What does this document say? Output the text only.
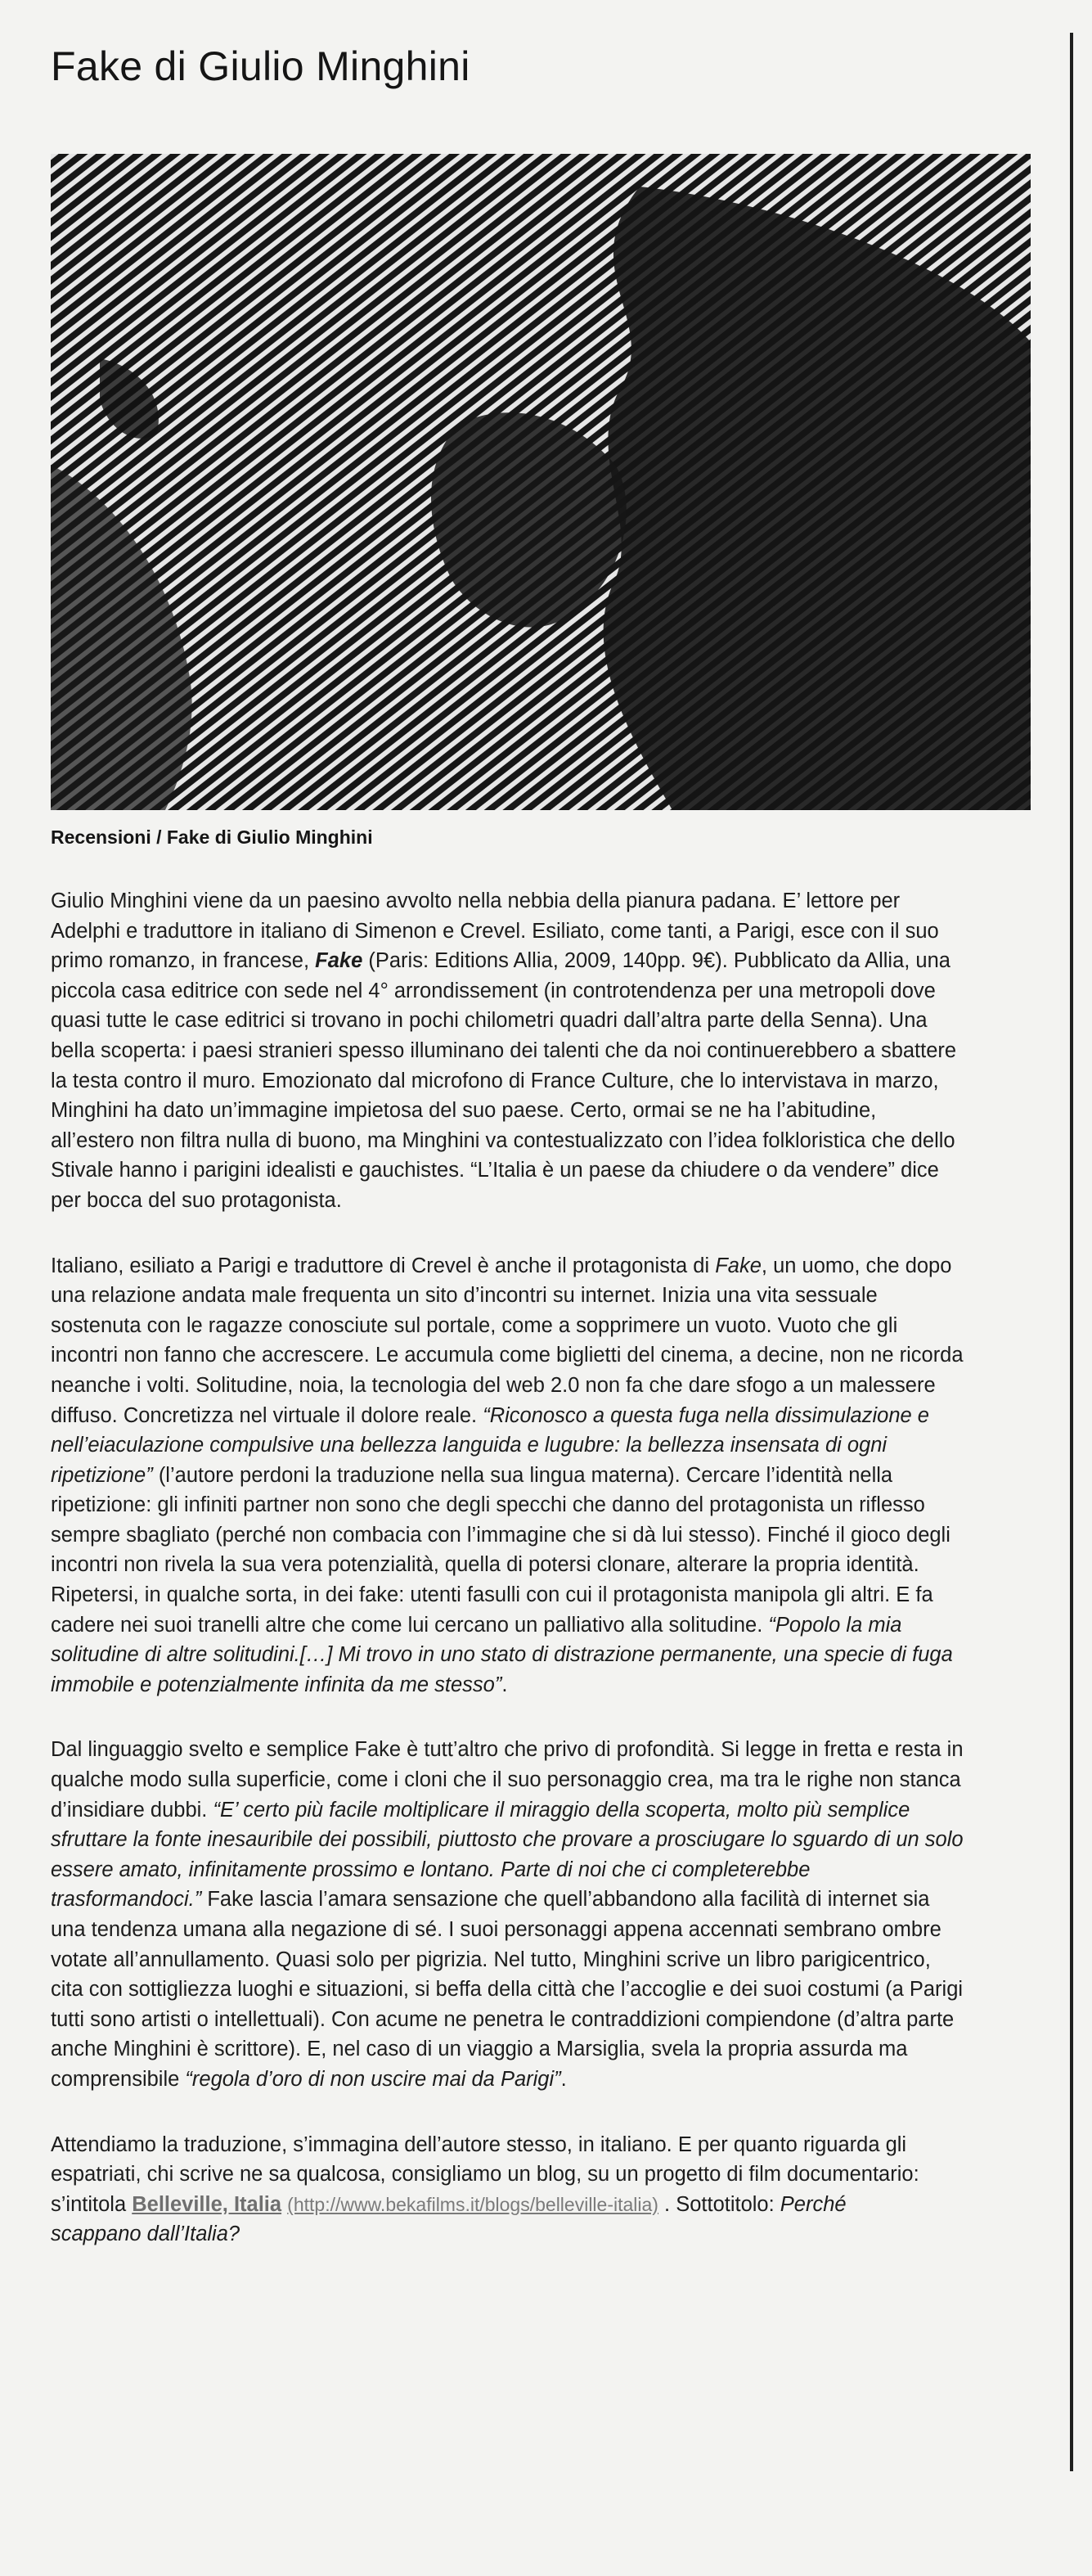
Fake di Giulio Minghini
Recensioni / Fake di Giulio Minghini

Giulio Minghini viene da un paesino avvolto nella nebbia della pianura padana. E’ lettore per
Adelphi e traduttore in italiano di Simenon e Crevel. Esiliato, come tanti, a Parigi, esce con il suo
primo romanzo, in francese, Fake (Paris: Editions Allia, 2009, 140pp. 9€). Pubblicato da Allia, una
piccola casa editrice con sede nel 4° arrondissement (in controtendenza per una metropoli dove
quasi tutte le case editrici si trovano in pochi chilometri quadri dall’altra parte della Senna). Una
bella scoperta: i paesi stranieri spesso illuminano dei talenti che da noi continuerebbero a sbattere
la testa contro il muro. Emozionato dal microfono di France Culture, che lo intervistava in marzo,
Minghini ha dato un’immagine impietosa del suo paese. Certo, ormai se ne ha l’abitudine,
all’estero non filtra nulla di buono, ma Minghini va contestualizzato con l’idea folkloristica che dello
Stivale hanno i parigini idealisti e gauchistes. “L’Italia è un paese da chiudere o da vendere” dice
per bocca del suo protagonista.

Italiano, esiliato a Parigi e traduttore di Crevel è anche il protagonista di Fake, un uomo, che dopo
una relazione andata male frequenta un sito d’incontri su internet. Inizia una vita sessuale
sostenuta con le ragazze conosciute sul portale, come a sopprimere un vuoto. Vuoto che gli
incontri non fanno che accrescere. Le accumula come biglietti del cinema, a decine, non ne ricorda
neanche i volti. Solitudine, noia, la tecnologia del web 2.0 non fa che dare sfogo a un malessere
diffuso. Concretizza nel virtuale il dolore reale. “Riconosco a questa fuga nella dissimulazione e
nell’eiaculazione compulsive una bellezza languida e lugubre: la bellezza insensata di ogni
ripetizione” (l’autore perdoni la traduzione nella sua lingua materna). Cercare l’identità nella
ripetizione: gli infiniti partner non sono che degli specchi che danno del protagonista un riflesso
sempre sbagliato (perché non combacia con l’immagine che si dà lui stesso). Finché il gioco degli
incontri non rivela la sua vera potenzialità, quella di potersi clonare, alterare la propria identità.
Ripetersi, in qualche sorta, in dei fake: utenti fasulli con cui il protagonista manipola gli altri. E fa
cadere nei suoi tranelli altre che come lui cercano un palliativo alla solitudine. “Popolo la mia
solitudine di altre solitudini.[…] Mi trovo in uno stato di distrazione permanente, una specie di fuga
immobile e potenzialmente infinita da me stesso”.

Dal linguaggio svelto e semplice Fake è tutt’altro che privo di profondità. Si legge in fretta e resta in
qualche modo sulla superficie, come i cloni che il suo personaggio crea, ma tra le righe non stanca
d’insidiare dubbi. “E’ certo più facile moltiplicare il miraggio della scoperta, molto più semplice
sfruttare la fonte inesauribile dei possibili, piuttosto che provare a prosciugare lo sguardo di un solo
essere amato, infinitamente prossimo e lontano. Parte di noi che ci completerebbe
trasformandoci.” Fake lascia l’amara sensazione che quell’abbandono alla facilità di internet sia
una tendenza umana alla negazione di sé. I suoi personaggi appena accennati sembrano ombre
votate all’annullamento. Quasi solo per pigrizia. Nel tutto, Minghini scrive un libro parigicentrico,
cita con sottigliezza luoghi e situazioni, si beffa della città che l’accoglie e dei suoi costumi (a Parigi
tutti sono artisti o intellettuali). Con acume ne penetra le contraddizioni compiendone (d’altra parte
anche Minghini è scrittore). E, nel caso di un viaggio a Marsiglia, svela la propria assurda ma
comprensibile “regola d’oro di non uscire mai da Parigi”.

Attendiamo la traduzione, s’immagina dell’autore stesso, in italiano. E per quanto riguarda gli
espatriati, chi scrive ne sa qualcosa, consigliamo un blog, su un progetto di film documentario:
s’intitola Belleville, Italia (http://www.bekafilms.it/blogs/belleville-italia) . Sottotitolo: Perché
scappano dall’Italia?
